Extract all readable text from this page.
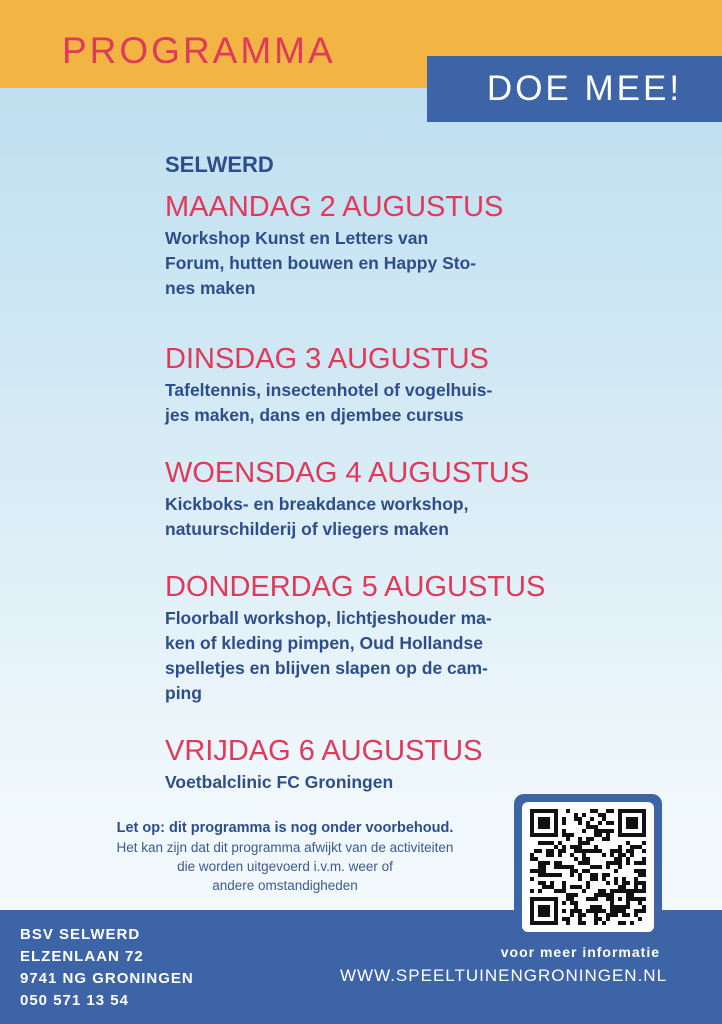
PROGRAMMA
DOE MEE!
SELWERD
MAANDAG 2 AUGUSTUS
Workshop Kunst en Letters van
Forum, hutten bouwen en Happy Sto-
nes maken
DINSDAG 3 AUGUSTUS
Tafeltennis, insectenhotel of vogelhuis-
jes maken, dans en djembee cursus
WOENSDAG 4 AUGUSTUS
Kickboks- en breakdance workshop,
natuurschilderij of vliegers maken
DONDERDAG 5 AUGUSTUS
Floorball workshop, lichtjeshouder ma-
ken of kleding pimpen, Oud Hollandse
spelletjes en blijven slapen op de cam-
ping
VRIJDAG 6 AUGUSTUS
Voetbalclinic FC Groningen
Let op: dit programma is nog onder voorbehoud.
Het kan zijn dat dit programma afwijkt van de activiteiten
die worden uitgevoerd i.v.m. weer of
andere omstandigheden
BSV SELWERD
ELZENLAAN 72
9741 NG GRONINGEN
050 571 13 54
voor meer informatie
WWW.SPEELTUINENGRONINGEN.NL
